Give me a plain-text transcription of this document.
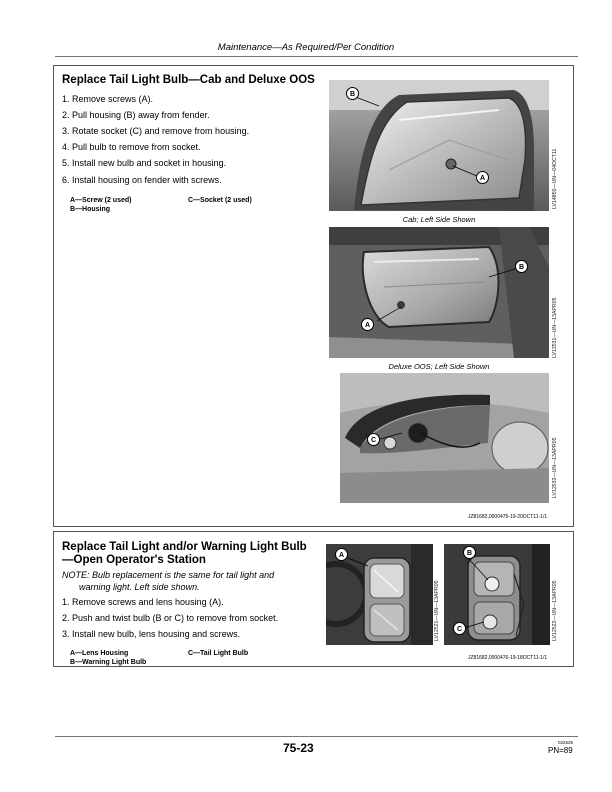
Maintenance—As Required/Per Condition
Replace Tail Light Bulb—Cab and Deluxe OOS
1. Remove screws (A).
2. Pull housing (B) away from fender.
3. Rotate socket (C) and remove from housing.
4. Pull bulb to remove from socket.
5. Install new bulb and socket in housing.
6. Install housing on fender with screws.
A—Screw (2 used)
B—Housing
C—Socket (2 used)
B
A	LV14850—UN—04OCT11
Cab; Left Side Shown
B
A	LV12531—UN—13APR05
Deluxe OOS; Left Side Shown
C	LV12532—UN—13APR05
JZ81682,0000475-19-20OCT11-1/1
Replace Tail Light and/or Warning Light Bulb
—Open Operator's Station
NOTE: Bulb replacement is the same for tail light and
warning light. Left side shown.
1. Remove screws and lens housing (A).
2. Push and twist bulb (B or C) to remove from socket.
3. Install new bulb, lens housing and screws.
A—Lens Housing
B—Warning Light Bulb
C—Tail Light Bulb
A
LV12521—UN—13APR05
B
C	LV12522—UN—13APR05
JZ81682,0000476-19-18OCT11-1/1
75-23	022525
PN=89
